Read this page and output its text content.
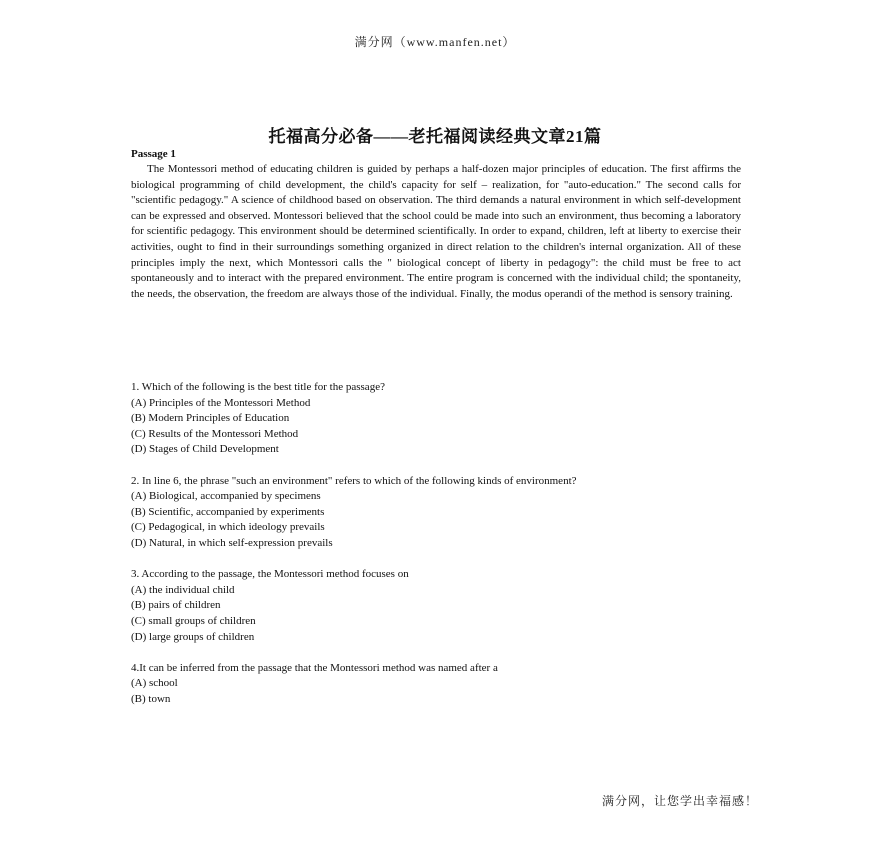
满分网（www.manfen.net）
托福高分必备——老托福阅读经典文章21篇
Passage 1

The Montessori method of educating children is guided by perhaps a half-dozen major principles of education. The first affirms the biological programming of child development, the child's capacity for self – realization, for "auto-education." The second calls for "scientific pedagogy." A science of childhood based on observation. The third demands a natural environment in which self-development can be expressed and observed. Montessori believed that the school could be made into such an environment, thus becoming a laboratory for scientific pedagogy. This environment should be determined scientifically. In order to expand, children, left at liberty to exercise their activities, ought to find in their surroundings something organized in direct relation to the children's internal organization. All of these principles imply the next, which Montessori calls the " biological concept of liberty in pedagogy": the child must be free to act spontaneously and to interact with the prepared environment. The entire program is concerned with the individual child; the spontaneity, the needs, the observation, the freedom are always those of the individual. Finally, the modus operandi of the method is sensory training.

1. Which of the following is the best title for the passage?
(A) Principles of the Montessori Method
(B) Modern Principles of Education
(C) Results of the Montessori Method
(D) Stages of Child Development
2. In line 6, the phrase "such an environment" refers to which of the following kinds of environment?
(A) Biological, accompanied by specimens
(B) Scientific, accompanied by experiments
(C) Pedagogical, in which ideology prevails
(D) Natural, in which self-expression prevails
3. According to the passage, the Montessori method focuses on
(A) the individual child
(B) pairs of children
(C) small groups of children
(D) large groups of children
4.It can be inferred from the passage that the Montessori method was named after a
(A) school
(B) town
满分网，让您学出幸福感！
